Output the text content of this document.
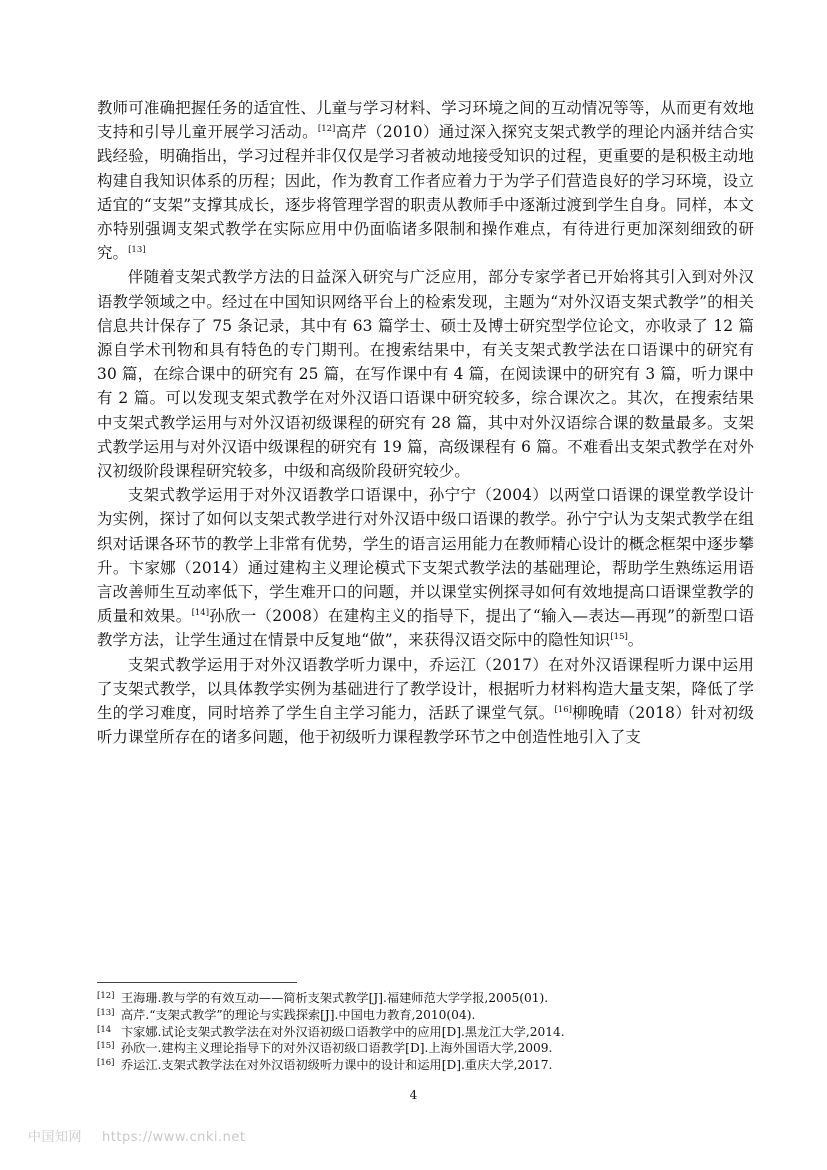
教师可准确把握任务的适宜性、儿童与学习材料、学习环境之间的互动情况等等，从而更有效地支持和引导儿童开展学习活动。[12]高芹（2010）通过深入探究支架式教学的理论内涵并结合实践经验，明确指出，学习过程并非仅仅是学习者被动地接受知识的过程，更重要的是积极主动地构建自我知识体系的历程；因此，作为教育工作者应着力于为学子们营造良好的学习环境，设立适宜的“支架”支撑其成长，逐步将管理学習的职责从教师手中逐渐过渡到学生自身。同样，本文亦特别强调支架式教学在实际应用中仍面临诸多限制和操作难点，有待进行更加深刻细致的研究。[13]

伴随着支架式教学方法的日益深入研究与广泛应用，部分专家学者已开始将其引入到对外汉语教学领域之中。经过在中国知识网络平台上的检索发现，主题为“对外汉语支架式教学”的相关信息共计保存了 75 条记录，其中有 63 篇学士、硕士及博士研究型学位论文，亦收录了 12 篇源自学术刊物和具有特色的专门期刊。在搜索结果中，有关支架式教学法在口语课中的研究有 30 篇，在综合课中的研究有 25 篇，在写作课中有 4 篇，在阅读课中的研究有 3 篇，听力课中有 2 篇。可以发现支架式教学在对外汉语口语课中研究较多，综合课次之。其次，在搜索结果中支架式教学运用与对外汉语初级课程的研究有 28 篇，其中对外汉语综合课的数量最多。支架式教学运用与对外汉语中级课程的研究有 19 篇，高级课程有 6 篇。不难看出支架式教学在对外汉初级阶段课程研究较多，中级和高级阶段研究较少。

支架式教学运用于对外汉语教学口语课中，孙宁宁（2004）以两堂口语课的课堂教学设计为实例，探讨了如何以支架式教学进行对外汉语中级口语课的教学。孙宁宁认为支架式教学在组织对话课各环节的教学上非常有优势，学生的语言运用能力在教师精心设计的概念框架中逐步攀升。卞家娜（2014）通过建构主义理论模式下支架式教学法的基础理论，帮助学生熟练运用语言改善师生互动率低下，学生难开口的问题，并以课堂实例探寻如何有效地提高口语课堂教学的质量和效果。[14]孙欣一（2008）在建构主义的指导下，提出了“输入—表达—再现”的新型口语教学方法，让学生通过在情景中反复地“做”，来获得汉语交际中的隐性知识[15]。

支架式教学运用于对外汉语教学听力课中，乔运江（2017）在对外汉语课程听力课中运用了支架式教学，以具体教学实例为基础进行了教学设计，根据听力材料构造大量支架，降低了学生的学习难度，同时培养了学生自主学习能力，活跃了课堂气氛。[16]柳晚晴（2018）针对初级听力课堂所存在的诸多问题，他于初级听力课程教学环节之中创造性地引入了支

[12] 王海珊.教与学的有效互动——简析支架式教学[J].福建师范大学学报,2005(01).
[13] 高芹.“支架式教学”的理论与实践探索[J].中国电力教育,2010(04).
[14 卞家娜.试论支架式教学法在对外汉语初级口语教学中的应用[D].黑龙江大学,2014.
[15] 孙欣一.建构主义理论指导下的对外汉语初级口语教学[D].上海外国语大学,2009.
[16] 乔运江.支架式教学法在对外汉语初级听力课中的设计和运用[D].重庆大学,2017.
4
中国知网 https://www.cnki.net
